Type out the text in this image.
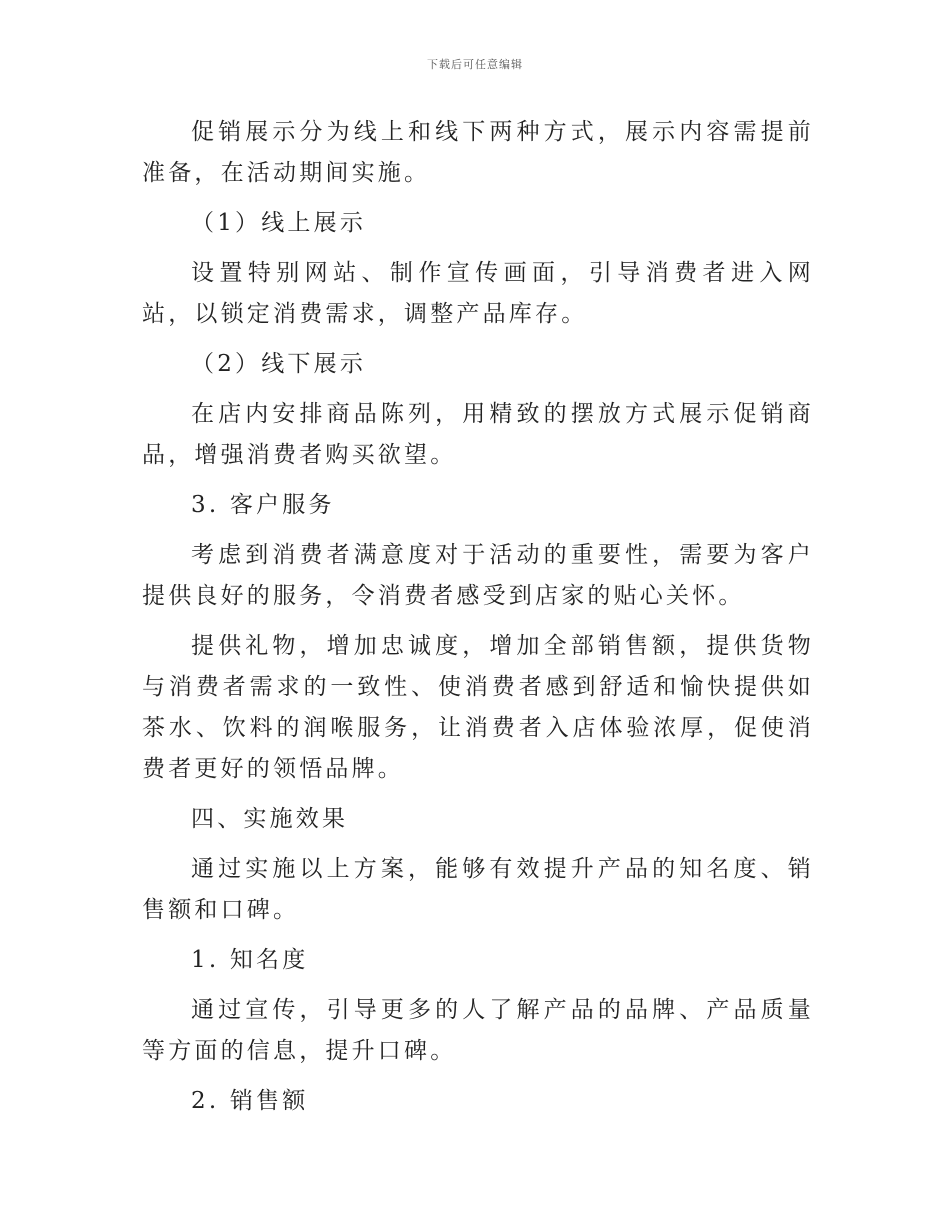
下载后可任意编辑

促销展示分为线上和线下两种方式，展示内容需提前准备，在活动期间实施。

（1）线上展示

设置特别网站、制作宣传画面，引导消费者进入网站，以锁定消费需求，调整产品库存。

（2）线下展示

在店内安排商品陈列，用精致的摆放方式展示促销商品，增强消费者购买欲望。

3. 客户服务

考虑到消费者满意度对于活动的重要性，需要为客户提供良好的服务，令消费者感受到店家的贴心关怀。

提供礼物，增加忠诚度，增加全部销售额，提供货物与消费者需求的一致性、使消费者感到舒适和愉快提供如茶水、饮料的润喉服务，让消费者入店体验浓厚，促使消费者更好的领悟品牌。

四、实施效果

通过实施以上方案，能够有效提升产品的知名度、销售额和口碑。

1. 知名度

通过宣传，引导更多的人了解产品的品牌、产品质量等方面的信息，提升口碑。

2. 销售额
